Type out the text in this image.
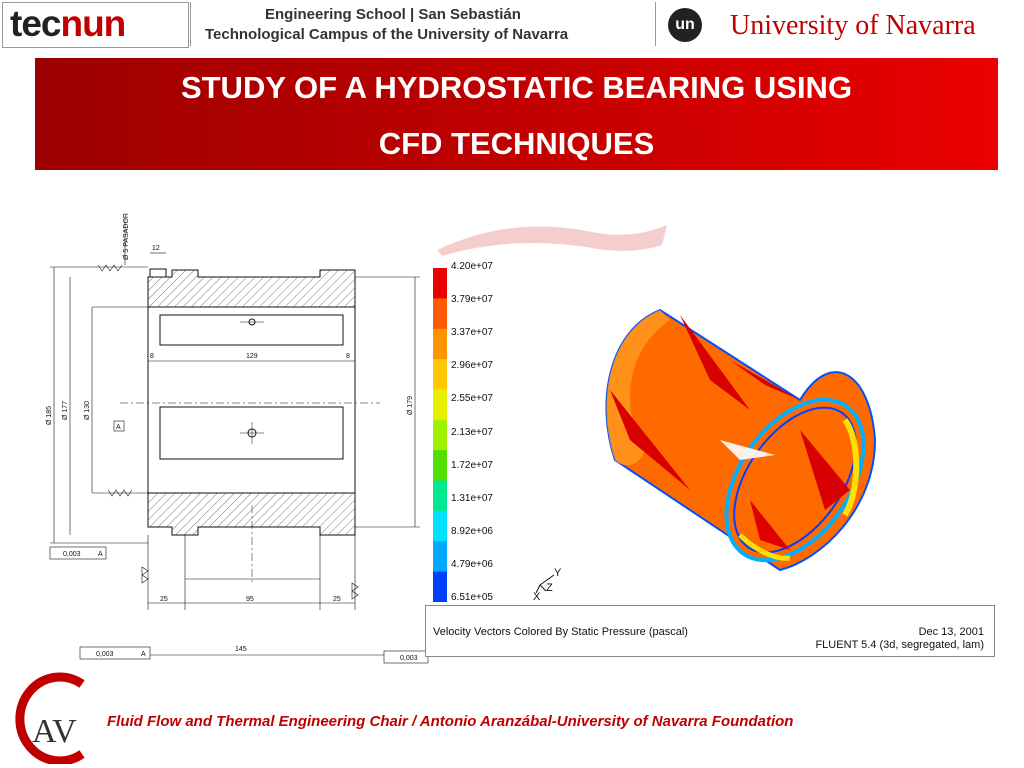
tecnun	Engineering School | San Sebastián
Technological Campus of the University of Navarra
un University of Navarra
STUDY OF A HYDROSTATIC BEARING USING
CFD TECHNIQUES
Ø 5 PASADOR	12
8	129	8
25	95	25
145
Ø 185 Ø 177 Ø 130	Ø 179
A
0,003 A
0,003	A
0,003
4.20e+07
3.79e+07
3.37e+07
2.96e+07
2.55e+07
2.13e+07
1.72e+07
1.31e+07
8.92e+06
4.79e+06
6.51e+05
Y
Z
X
Velocity Vectors Colored By Static Pressure (pascal)	Dec 13, 2001
FLUENT 5.4 (3d, segregated, lam)
AV Fluid Flow and Thermal Engineering Chair / Antonio Aranzábal-University of Navarra Foundation
